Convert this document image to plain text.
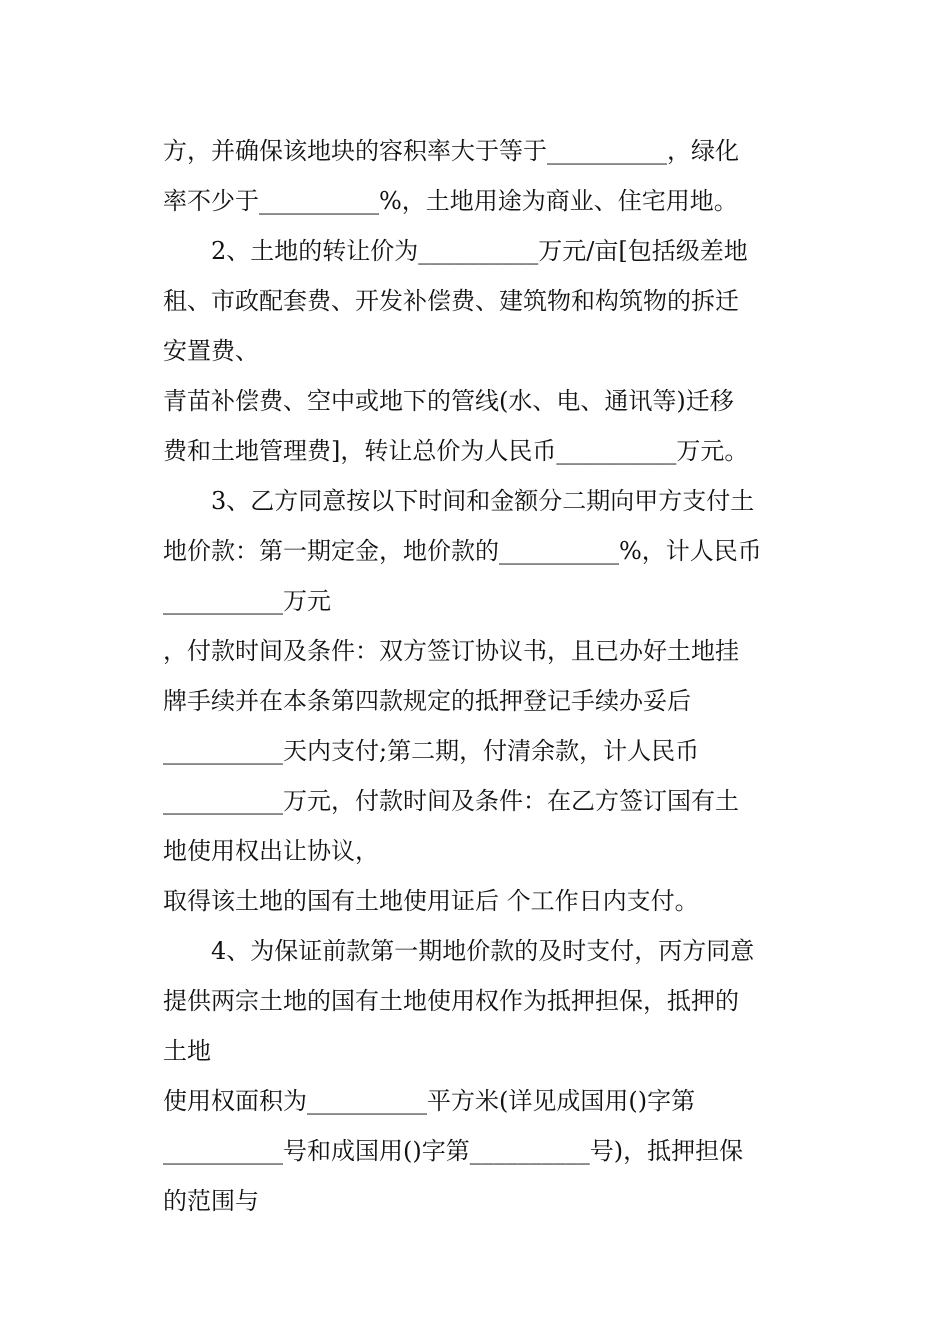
方，并确保该地块的容积率大于等于__________，绿化
率不少于__________%，土地用途为商业、住宅用地。
2、土地的转让价为__________万元/亩[包括级差地
租、市政配套费、开发补偿费、建筑物和构筑物的拆迁
安置费、
青苗补偿费、空中或地下的管线(水、电、通讯等)迁移
费和土地管理费]，转让总价为人民币__________万元。
3、乙方同意按以下时间和金额分二期向甲方支付土
地价款：第一期定金，地价款的__________%，计人民币
__________万元
，付款时间及条件：双方签订协议书，且已办好土地挂
牌手续并在本条第四款规定的抵押登记手续办妥后
__________天内支付;第二期，付清余款，计人民币
__________万元，付款时间及条件：在乙方签订国有土
地使用权出让协议，
取得该土地的国有土地使用证后 个工作日内支付。
4、为保证前款第一期地价款的及时支付，丙方同意
提供两宗土地的国有土地使用权作为抵押担保，抵押的
土地
使用权面积为__________平方米(详见成国用()字第
__________号和成国用()字第__________号)，抵押担保
的范围与
